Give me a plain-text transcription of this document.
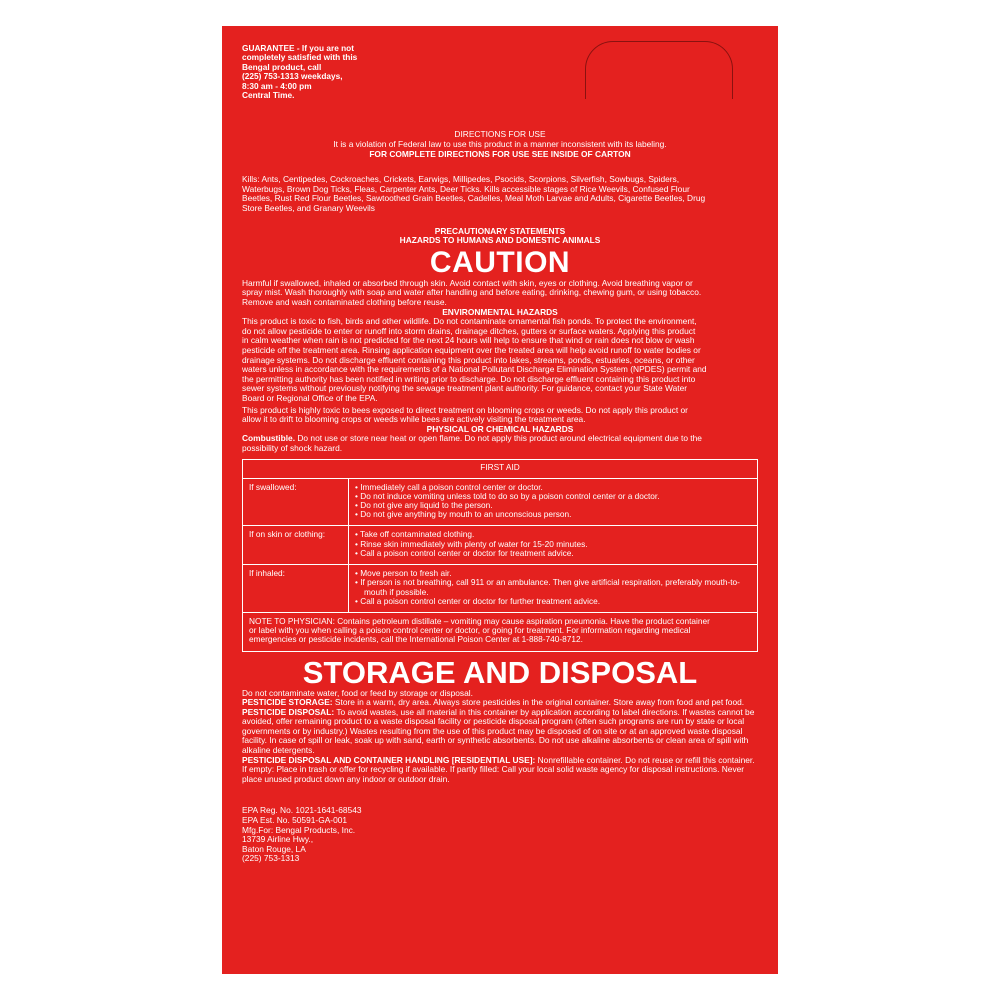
GUARANTEE - If you are not
completely satisfied with this
Bengal product, call
(225) 753-1313 weekdays,
8:30 am - 4:00 pm
Central Time.
DIRECTIONS FOR USE
It is a violation of Federal law to use this product in a manner inconsistent with its labeling.
FOR COMPLETE DIRECTIONS FOR USE SEE INSIDE OF CARTON
Kills: Ants, Centipedes, Cockroaches, Crickets, Earwigs, Millipedes, Psocids, Scorpions, Silverfish, Sowbugs, Spiders,
Waterbugs, Brown Dog Ticks, Fleas, Carpenter Ants, Deer Ticks. Kills accessible stages of Rice Weevils, Confused Flour
Beetles, Rust Red Flour Beetles, Sawtoothed Grain Beetles, Cadelles, Meal Moth Larvae and Adults, Cigarette Beetles, Drug
Store Beetles, and Granary Weevils
PRECAUTIONARY STATEMENTS
HAZARDS TO HUMANS AND DOMESTIC ANIMALS
CAUTION
Harmful if swallowed, inhaled or absorbed through skin. Avoid contact with skin, eyes or clothing. Avoid breathing vapor or
spray mist. Wash thoroughly with soap and water after handling and before eating, drinking, chewing gum, or using tobacco.
Remove and wash contaminated clothing before reuse.
ENVIRONMENTAL HAZARDS
This product is toxic to fish, birds and other wildlife. Do not contaminate ornamental fish ponds. To protect the environment,
do not allow pesticide to enter or runoff into storm drains, drainage ditches, gutters or surface waters. Applying this product
in calm weather when rain is not predicted for the next 24 hours will help to ensure that wind or rain does not blow or wash
pesticide off the treatment area. Rinsing application equipment over the treated area will help avoid runoff to water bodies or
drainage systems. Do not discharge effluent containing this product into lakes, streams, ponds, estuaries, oceans, or other
waters unless in accordance with the requirements of a National Pollutant Discharge Elimination System (NPDES) permit and
the permitting authority has been notified in writing prior to discharge. Do not discharge effluent containing this product into
sewer systems without previously notifying the sewage treatment plant authority. For guidance, contact your State Water
Board or Regional Office of the EPA.
This product is highly toxic to bees exposed to direct treatment on blooming crops or weeds. Do not apply this product or
allow it to drift to blooming crops or weeds while bees are actively visiting the treatment area.
PHYSICAL OR CHEMICAL HAZARDS
Combustible. Do not use or store near heat or open flame. Do not apply this product around electrical equipment due to the
possibility of shock hazard.
FIRST AID	
If swallowed:	• Immediately call a poison control center or doctor.

• Do not induce vomiting unless told to do so by a poison control center or a doctor.

• Do not give any liquid to the person.

• Do not give anything by mouth to an unconscious person.

If on skin or clothing:	• Take off contaminated clothing.

• Rinse skin immediately with plenty of water for 15-20 minutes.

• Call a poison control center or doctor for treatment advice.

If inhaled:	• Move person to fresh air.

• If person is not breathing, call 911 or an ambulance. Then give artificial respiration, preferably mouth-to-mouth if possible.

• Call a poison control center or doctor for further treatment advice.

NOTE TO PHYSICIAN: Contains petroleum distillate – vomiting may cause aspiration pneumonia. Have the product container
or label with you when calling a poison control center or doctor, or going for treatment. For information regarding medical
emergencies or pesticide incidents, call the International Poison Center at 1-888-740-8712.	
STORAGE AND DISPOSAL
Do not contaminate water, food or feed by storage or disposal.
PESTICIDE STORAGE: Store in a warm, dry area. Always store pesticides in the original container. Store away from food and pet food.
PESTICIDE DISPOSAL: To avoid wastes, use all material in this container by application according to label directions. If wastes cannot be avoided, offer remaining product to a waste disposal facility or pesticide disposal program (often such programs are run by state or local governments or by industry.) Wastes resulting from the use of this product may be disposed of on site or at an approved waste disposal facility. In case of spill or leak, soak up with sand, earth or synthetic absorbents. Do not use alkaline absorbents or clean area of spill with alkaline detergents.
PESTICIDE DISPOSAL AND CONTAINER HANDLING [RESIDENTIAL USE]: Nonrefillable container. Do not reuse or refill this container. If empty: Place in trash or offer for recycling if available. If partly filled: Call your local solid waste agency for disposal instructions. Never place unused product down any indoor or outdoor drain.
EPA Reg. No. 1021-1641-68543
EPA Est. No. 50591-GA-001
Mfg.For: Bengal Products, Inc.
13739 Airline Hwy.,
Baton Rouge, LA
(225) 753-1313
